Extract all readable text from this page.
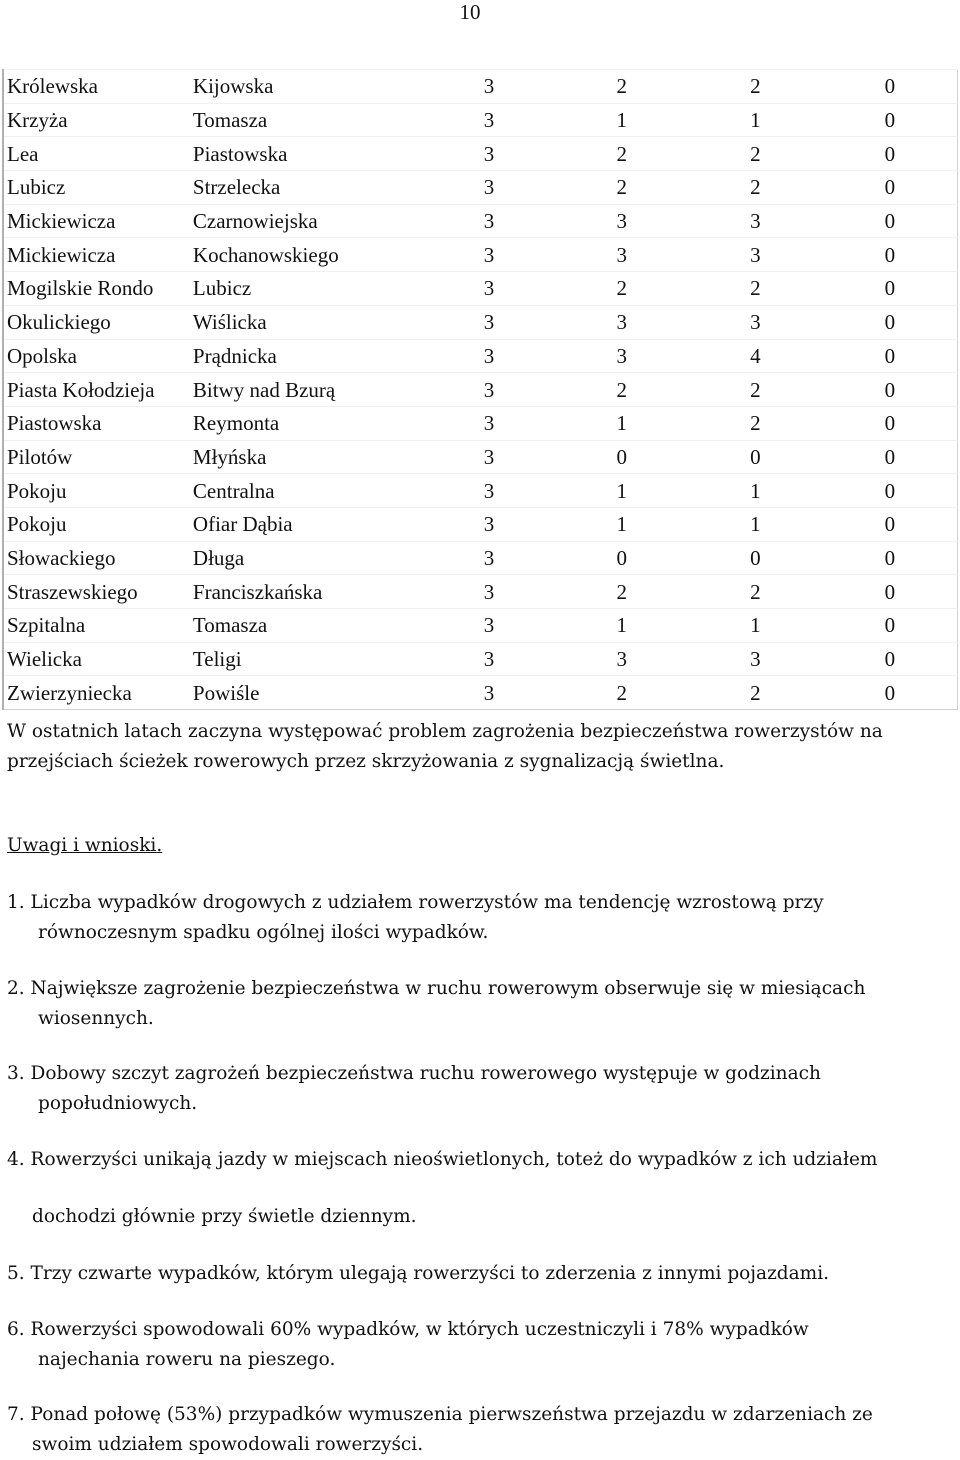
10
Królewska	Kijowska	3	2	2	0
Krzyża	Tomasza	3	1	1	0
Lea	Piastowska	3	2	2	0
Lubicz	Strzelecka	3	2	2	0
Mickiewicza	Czarnowiejska	3	3	3	0
Mickiewicza	Kochanowskiego	3	3	3	0
Mogilskie Rondo	Lubicz	3	2	2	0
Okulickiego	Wiślicka	3	3	3	0
Opolska	Prądnicka	3	3	4	0
Piasta Kołodzieja	Bitwy nad Bzurą	3	2	2	0
Piastowska	Reymonta	3	1	2	0
Pilotów	Młyńska	3	0	0	0
Pokoju	Centralna	3	1	1	0
Pokoju	Ofiar Dąbia	3	1	1	0
Słowackiego	Długa	3	0	0	0
Straszewskiego	Franciszkańska	3	2	2	0
Szpitalna	Tomasza	3	1	1	0
Wielicka	Teligi	3	3	3	0
Zwierzyniecka	Powiśle	3	2	2	0
W ostatnich latach zaczyna występować problem zagrożenia bezpieczeństwa rowerzystów na
przejściach ścieżek rowerowych przez skrzyżowania z sygnalizacją świetlna.
Uwagi i wnioski.
1. Liczba wypadków drogowych z udziałem rowerzystów ma tendencję wzrostową przy
równoczesnym spadku ogólnej ilości wypadków.
2. Największe zagrożenie bezpieczeństwa w ruchu rowerowym obserwuje się w miesiącach
wiosennych.
3. Dobowy szczyt zagrożeń bezpieczeństwa ruchu rowerowego występuje w godzinach
popołudniowych.
4. Rowerzyści unikają jazdy w miejscach nieoświetlonych, toteż do wypadków z ich udziałem
dochodzi głównie przy świetle dziennym.
5. Trzy czwarte wypadków, którym ulegają rowerzyści to zderzenia z innymi pojazdami.
6. Rowerzyści spowodowali 60% wypadków, w których uczestniczyli i 78% wypadków
najechania roweru na pieszego.
7. Ponad połowę (53%) przypadków wymuszenia pierwszeństwa przejazdu w zdarzeniach ze
swoim udziałem spowodowali rowerzyści.
